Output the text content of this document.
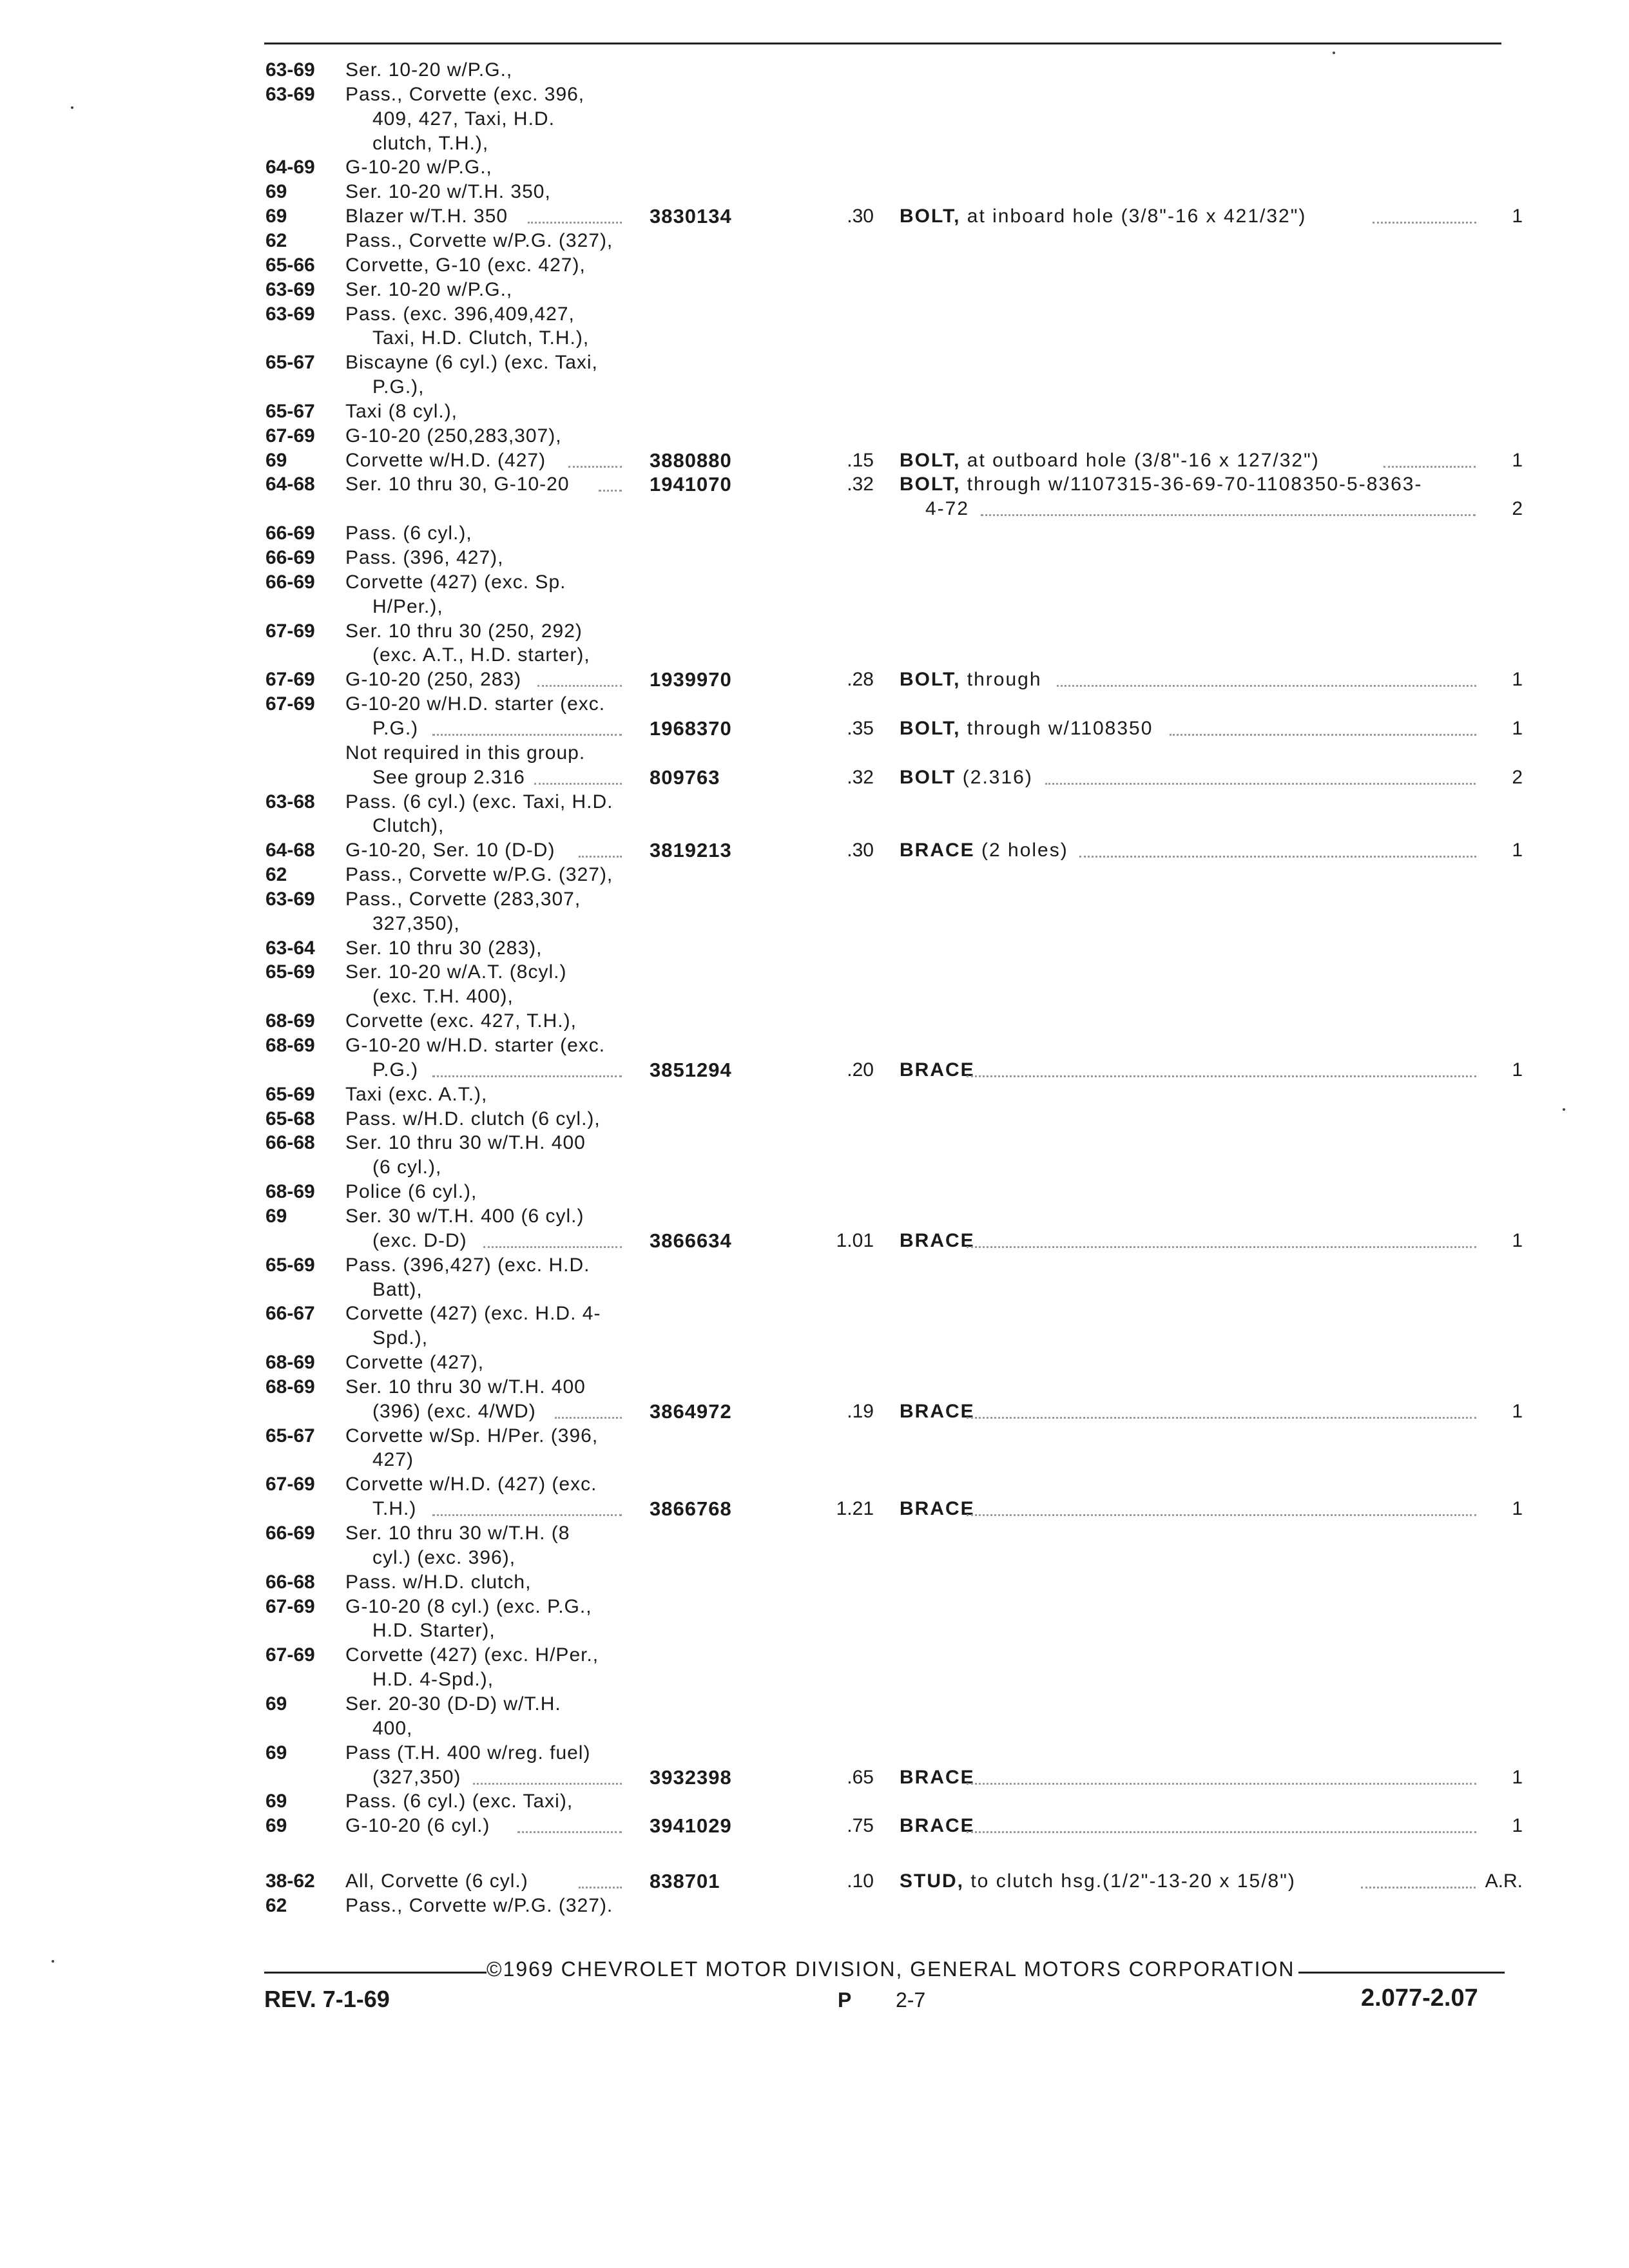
63-69 Ser. 10-20 w/P.G.,
63-69 Pass., Corvette (exc. 396,
409, 427, Taxi, H.D.
clutch, T.H.),
64-69 G-10-20 w/P.G.,
69	Ser. 10-20 w/T.H. 350,
69	Blazer w/T.H. 350	3830134	.30 BOLT, at inboard hole (3/8"-16 x 421/32")	1
62	Pass., Corvette w/P.G. (327),
65-66 Corvette, G-10 (exc. 427),
63-69 Ser. 10-20 w/P.G.,
63-69 Pass. (exc. 396,409,427,
Taxi, H.D. Clutch, T.H.),
65-67 Biscayne (6 cyl.) (exc. Taxi,
P.G.),
65-67 Taxi (8 cyl.),
67-69 G-10-20 (250,283,307),
69	Corvette w/H.D. (427)	3880880	.15 BOLT, at outboard hole (3/8"-16 x 127/32")	1
64-68 Ser. 10 thru 30, G-10-20	1941070	.32 BOLT, through w/1107315-36-69-70-1108350-5-8363-
4-72	2
66-69 Pass. (6 cyl.),
66-69 Pass. (396, 427),
66-69 Corvette (427) (exc. Sp.
H/Per.),
67-69 Ser. 10 thru 30 (250, 292)
(exc. A.T., H.D. starter),
67-69 G-10-20 (250, 283)	1939970	.28 BOLT, through	1
67-69 G-10-20 w/H.D. starter (exc.
P.G.)	1968370	.35 BOLT, through w/1108350	1
Not required in this group.
See group 2.316	809763	.32 BOLT (2.316)	2
63-68 Pass. (6 cyl.) (exc. Taxi, H.D.
Clutch),
64-68 G-10-20, Ser. 10 (D-D)	3819213	.30 BRACE (2 holes)	1
62	Pass., Corvette w/P.G. (327),
63-69 Pass., Corvette (283,307,
327,350),
63-64 Ser. 10 thru 30 (283),
65-69 Ser. 10-20 w/A.T. (8cyl.)
(exc. T.H. 400),
68-69 Corvette (exc. 427, T.H.),
68-69 G-10-20 w/H.D. starter (exc.
P.G.)	3851294	.20 BRACE	1
65-69 Taxi (exc. A.T.),
65-68 Pass. w/H.D. clutch (6 cyl.),
66-68 Ser. 10 thru 30 w/T.H. 400
(6 cyl.),
68-69 Police (6 cyl.),
69	Ser. 30 w/T.H. 400 (6 cyl.)
(exc. D-D)	3866634	1.01 BRACE	1
65-69 Pass. (396,427) (exc. H.D.
Batt),
66-67 Corvette (427) (exc. H.D. 4-
Spd.),
68-69 Corvette (427),
68-69 Ser. 10 thru 30 w/T.H. 400
(396) (exc. 4/WD)	3864972	.19 BRACE	1
65-67 Corvette w/Sp. H/Per. (396,
427)
67-69 Corvette w/H.D. (427) (exc.
T.H.)	3866768	1.21 BRACE	1
66-69 Ser. 10 thru 30 w/T.H. (8
cyl.) (exc. 396),
66-68 Pass. w/H.D. clutch,
67-69 G-10-20 (8 cyl.) (exc. P.G.,
H.D. Starter),
67-69 Corvette (427) (exc. H/Per.,
H.D. 4-Spd.),
69	Ser. 20-30 (D-D) w/T.H.
400,
69	Pass (T.H. 400 w/reg. fuel)
(327,350)	3932398	.65 BRACE	1
69	Pass. (6 cyl.) (exc. Taxi),
69	G-10-20 (6 cyl.)	3941029	.75 BRACE	1
38-62 All, Corvette (6 cyl.)	838701	.10 STUD, to clutch hsg.(1/2"-13-20 x 15/8")	A.R.
62	Pass., Corvette w/P.G. (327).
©1969 CHEVROLET MOTOR DIVISION, GENERAL MOTORS CORPORATION
REV. 7-1-69	P 2-7	2.077-2.07
